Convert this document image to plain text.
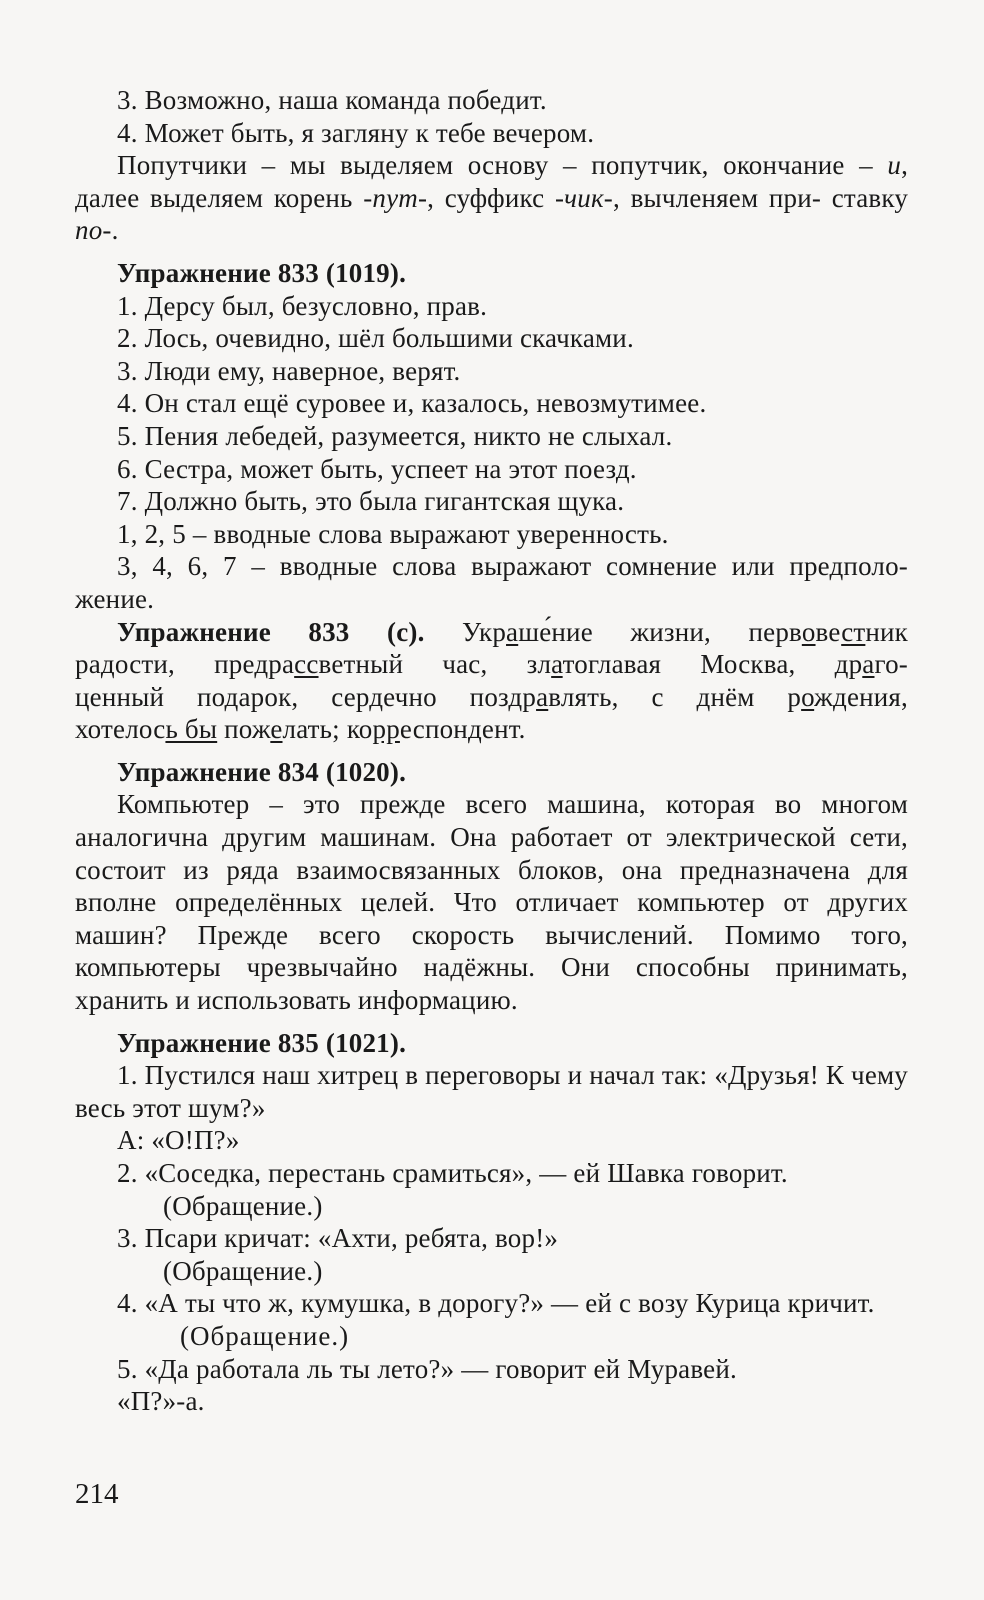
3. Возможно, наша команда победит.

4. Может быть, я загляну к тебе вечером.

Попутчики – мы выделяем основу – попутчик, окончание – и, далее выделяем корень -пут-, суффикс -чик-, вычленяем при- ставку по-.

Упражнение 833 (1019).

1. Дерсу был, безусловно, прав.

2. Лось, очевидно, шёл большими скачками.

3. Люди ему, наверное, верят.

4. Он стал ещё суровее и, казалось, невозмутимее.

5. Пения лебедей, разумеется, никто не слыхал.

6. Сестра, может быть, успеет на этот поезд.

7. Должно быть, это была гигантская щука.

1, 2, 5 – вводные слова выражают уверенность.

3, 4, 6, 7 – вводные слова выражают сомнение или предполо-

жение.

Упражнение 833 (с). Украше́ние жизни, первовестник

радости, предрассветный час, златоглавая Москва, драго-

ценный подарок, сердечно поздравлять, с днём рождения,

хотелось бы пожелать; корреспондент.

Упражнение 834 (1020).

Компьютер – это прежде всего машина, которая во многом аналогична другим машинам. Она работает от электрической сети, состоит из ряда взаимосвязанных блоков, она предназначена для вполне определённых целей. Что отличает компьютер от других машин? Прежде всего скорость вычислений. Помимо того, компьютеры чрезвычайно надёжны. Они способны принимать, хранить и использовать информацию.

Упражнение 835 (1021).

1. Пустился наш хитрец в переговоры и начал так: «Друзья! К чему весь этот шум?»

А: «О!П?»

2. «Соседка, перестань срамиться», — ей Шавка говорит.

(Обращение.)

3. Псари кричат: «Ахти, ребята, вор!»

(Обращение.)

4. «А ты что ж, кумушка, в дорогу?» — ей с возу Курица кричит.

(Обращение.)

5. «Да работала ль ты лето?» — говорит ей Муравей.

«П?»-а.

214
